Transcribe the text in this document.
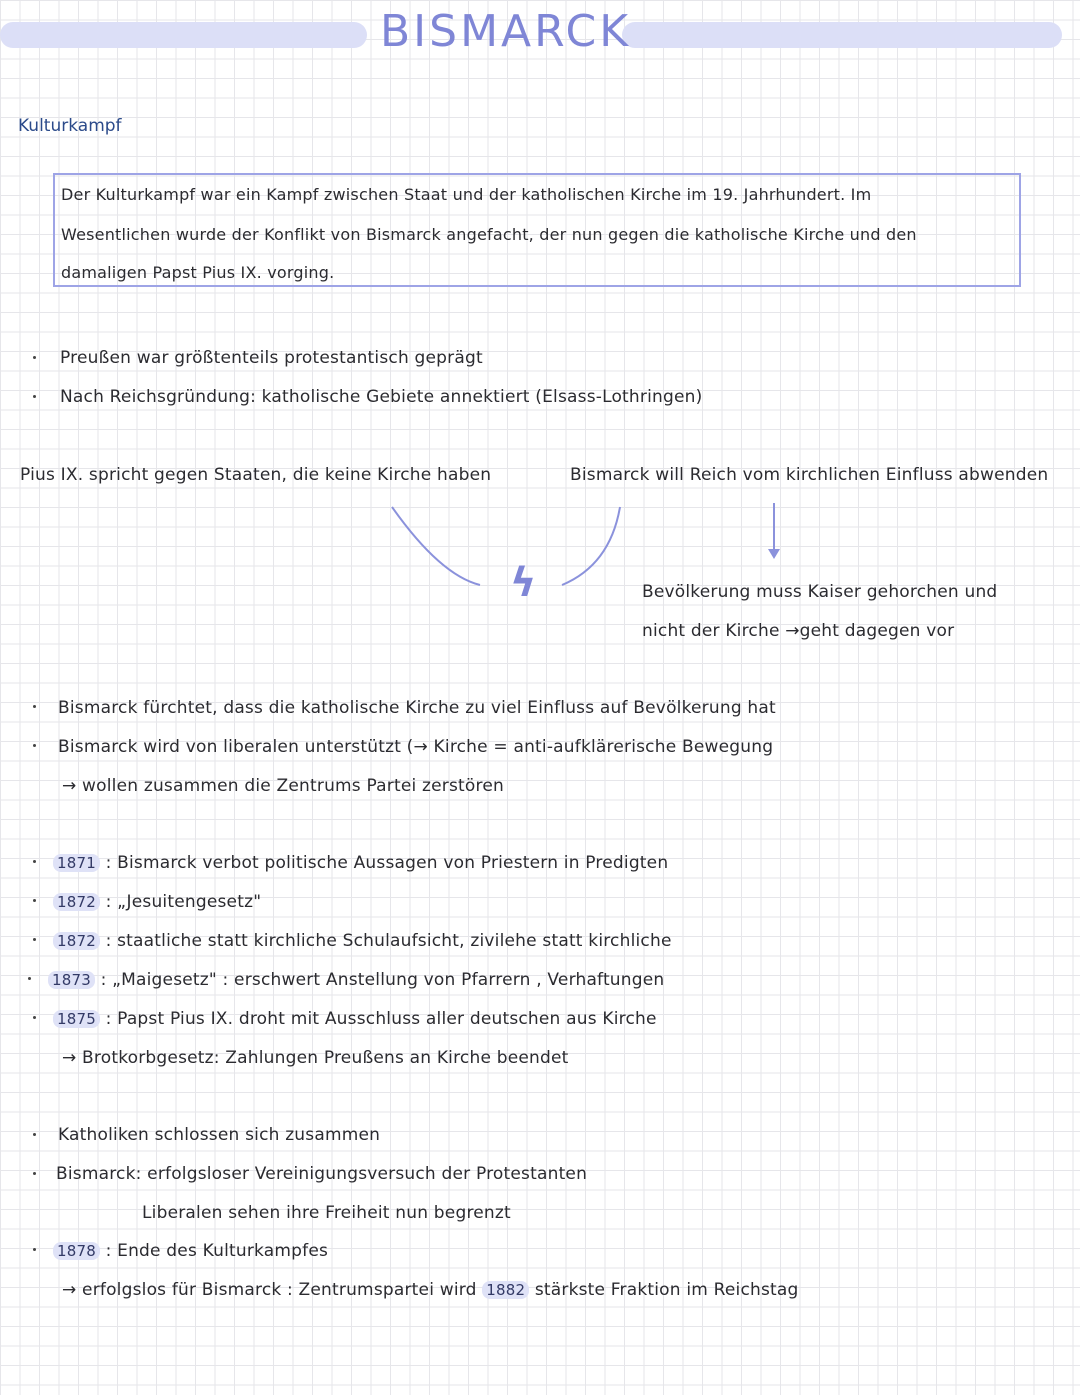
BISMARCK
Kulturkampf
Der Kulturkampf war ein Kampf zwischen Staat und der katholischen Kirche im 19. Jahrhundert. Im
Wesentlichen wurde der Konflikt von Bismarck angefacht, der nun gegen die katholische Kirche und den
damaligen Papst Pius IX. vorging.
Preußen war größtenteils protestantisch geprägt
Nach Reichsgründung: katholische Gebiete annektiert (Elsass-Lothringen)
Pius IX. spricht gegen Staaten, die keine Kirche haben	Bismarck will Reich vom kirchlichen Einfluss abwenden
ϟ	Bevölkerung muss Kaiser gehorchen und
nicht der Kirche →geht dagegen vor
Bismarck fürchtet, dass die katholische Kirche zu viel Einfluss auf Bevölkerung hat
Bismarck wird von liberalen unterstützt (→ Kirche = anti-aufklärerische Bewegung
→ wollen zusammen die Zentrums Partei zerstören
1871 : Bismarck verbot politische Aussagen von Priestern in Predigten
1872 : „Jesuitengesetz"
1872 : staatliche statt kirchliche Schulaufsicht, zivilehe statt kirchliche
1873 : „Maigesetz" : erschwert Anstellung von Pfarrern , Verhaftungen
1875 : Papst Pius IX. droht mit Ausschluss aller deutschen aus Kirche
→ Brotkorbgesetz: Zahlungen Preußens an Kirche beendet
Katholiken schlossen sich zusammen
Bismarck: erfolgsloser Vereinigungsversuch der Protestanten
Liberalen sehen ihre Freiheit nun begrenzt
1878 : Ende des Kulturkampfes
→ erfolgslos für Bismarck : Zentrumspartei wird 1882 stärkste Fraktion im Reichstag
